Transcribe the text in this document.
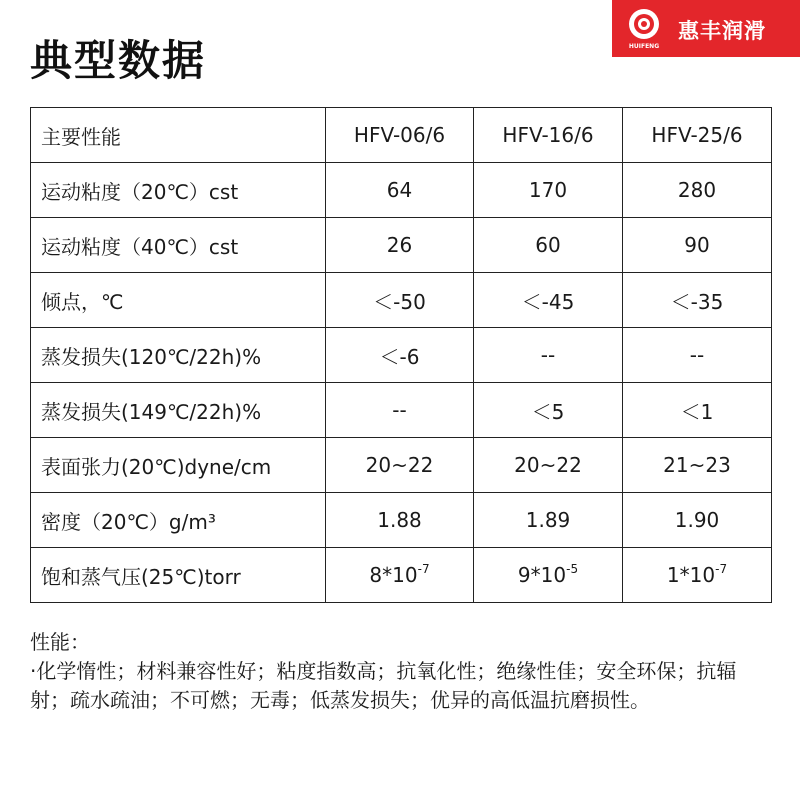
典型数据	HUIFENG
惠丰润滑
主要性能	HFV-06/6	HFV-16/6	HFV-25/6
运动粘度（20℃）cst	64	170	280
运动粘度（40℃）cst	26	60	90
倾点，℃	＜-50	＜-45	＜-35
蒸发损失(120℃/22h)%	＜-6	--	--
蒸发损失(149℃/22h)%	--	＜5	＜1
表面张力(20℃)dyne/cm	20~22	20~22	21~23
密度（20℃）g/m³	1.88	1.89	1.90
饱和蒸气压(25℃)torr	$8*10^{-7}$	$9*10^{-5}$	$1*10^{-7}$

性能：

·化学惰性；材料兼容性好；粘度指数高；抗氧化性；绝缘性佳；安全环保；抗辐射；疏水疏油；不可燃；无毒；低蒸发损失；优异的高低温抗磨损性。
